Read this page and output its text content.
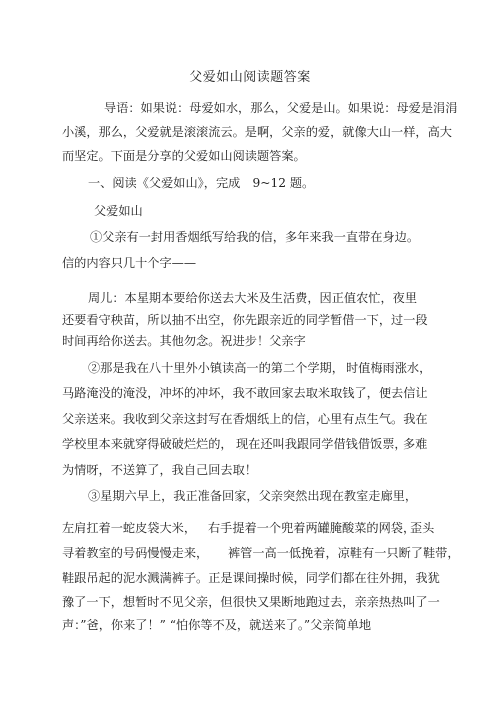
父爱如山阅读题答案
导语：如果说：母爱如水，那么，父爱是山。如果说：母爱是涓涓
小溪，那么，父爱就是滚滚流云。是啊，父亲的爱，就像大山一样，高大
而坚定。下面是分享的父爱如山阅读题答案。
一、阅读《父爱如山》，完成　9~12 题。
父爱如山
①父亲有一封用香烟纸写给我的信，多年来我一直带在身边。
信的内容只几十个字——
周儿：本星期本要给你送去大米及生活费，因正值农忙，夜里
还要看守秧苗，所以抽不出空，你先跟亲近的同学暂借一下，过一段
时间再给你送去。其他勿念。祝进步！父亲字
②那是我在八十里外小镇读高一的第二个学期， 时值梅雨涨水，
马路淹没的淹没，冲坏的冲坏，我不敢回家去取米取钱了，便去信让
父亲送来。我收到父亲这封写在香烟纸上的信，心里有点生气。我在
学校里本来就穿得破破烂烂的， 现在还叫我跟同学借钱借饭票，
多难
为情呀，不送算了，我自己回去取！
③星期六早上，我正准备回家，父亲突然出现在教室走廊里，
左肩扛着一蛇皮袋大米， 右手提着一个兜着两罐腌酸菜的网袋，
歪头
寻着教室的号码慢慢走来， 裤管一高一低挽着，凉鞋有一只断了鞋带，
鞋跟吊起的泥水溅满裤子。正是课间操时候，同学们都在往外拥，我犹
豫了一下，想暂时不见父亲，但很快又果断地跑过去，亲亲热热叫了一
声：”爸，你来了！” “怕你等不及，就送来了。”父亲简单地
